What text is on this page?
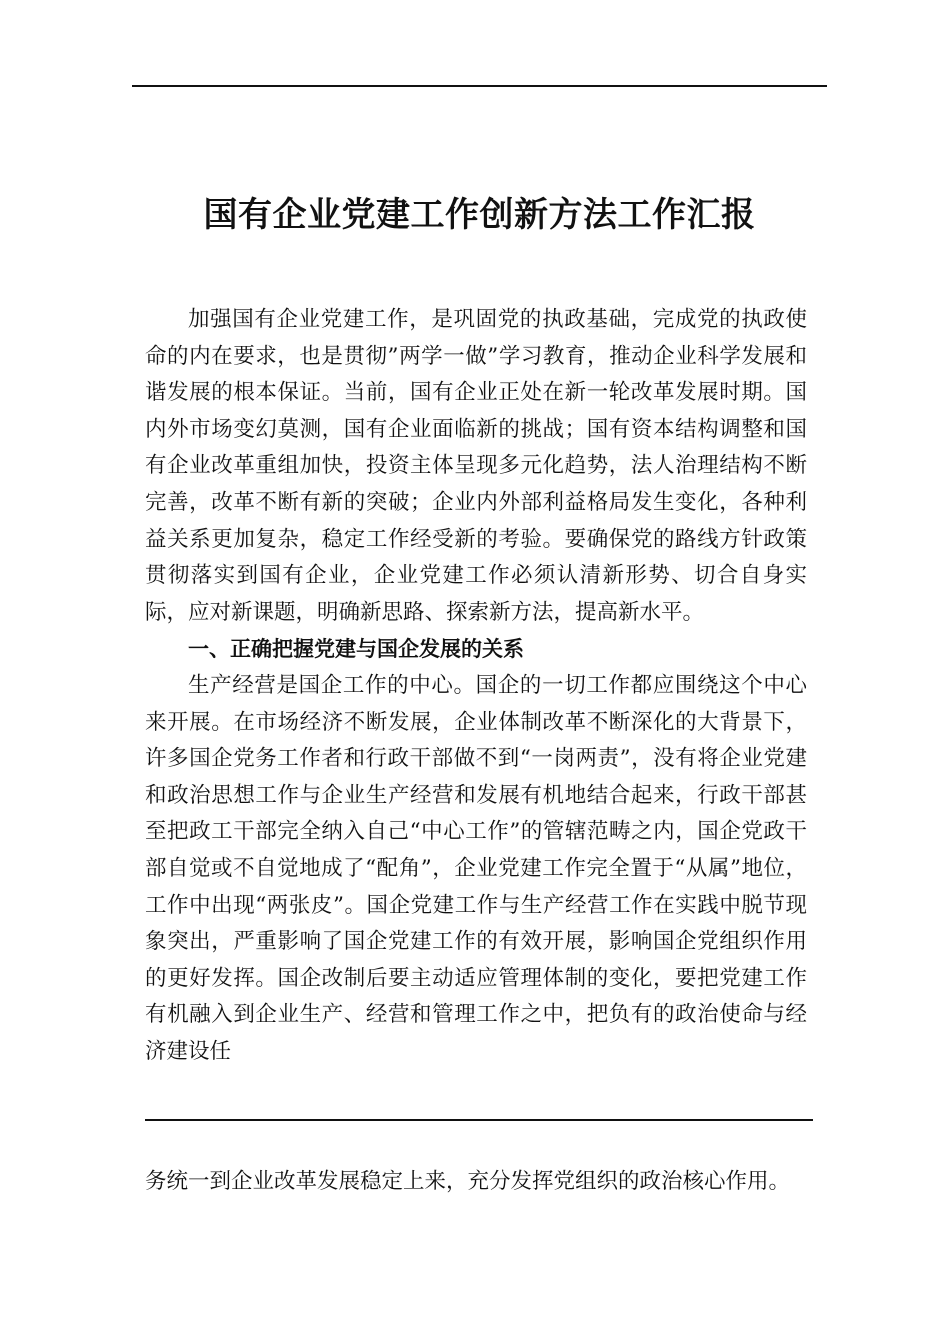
国有企业党建工作创新方法工作汇报

加强国有企业党建工作，是巩固党的执政基础，完成党的执政使命的内在要求，也是贯彻”两学一做”学习教育，推动企业科学发展和谐发展的根本保证。当前，国有企业正处在新一轮改革发展时期。国内外市场变幻莫测，国有企业面临新的挑战；国有资本结构调整和国有企业改革重组加快，投资主体呈现多元化趋势，法人治理结构不断完善，改革不断有新的突破；企业内外部利益格局发生变化，各种利益关系更加复杂，稳定工作经受新的考验。要确保党的路线方针政策贯彻落实到国有企业，企业党建工作必须认清新形势、切合自身实际，应对新课题，明确新思路、探索新方法，提高新水平。

一、正确把握党建与国企发展的关系

生产经营是国企工作的中心。国企的一切工作都应围绕这个中心来开展。在市场经济不断发展，企业体制改革不断深化的大背景下，许多国企党务工作者和行政干部做不到“一岗两责”，没有将企业党建和政治思想工作与企业生产经营和发展有机地结合起来，行政干部甚至把政工干部完全纳入自己“中心工作”的管辖范畴之内，国企党政干部自觉或不自觉地成了“配角”，企业党建工作完全置于“从属”地位，工作中出现“两张皮”。国企党建工作与生产经营工作在实践中脱节现象突出，严重影响了国企党建工作的有效开展，影响国企党组织作用的更好发挥。国企改制后要主动适应管理体制的变化，要把党建工作有机融入到企业生产、经营和管理工作之中，把负有的政治使命与经济建设任

务统一到企业改革发展稳定上来，充分发挥党组织的政治核心作用。
